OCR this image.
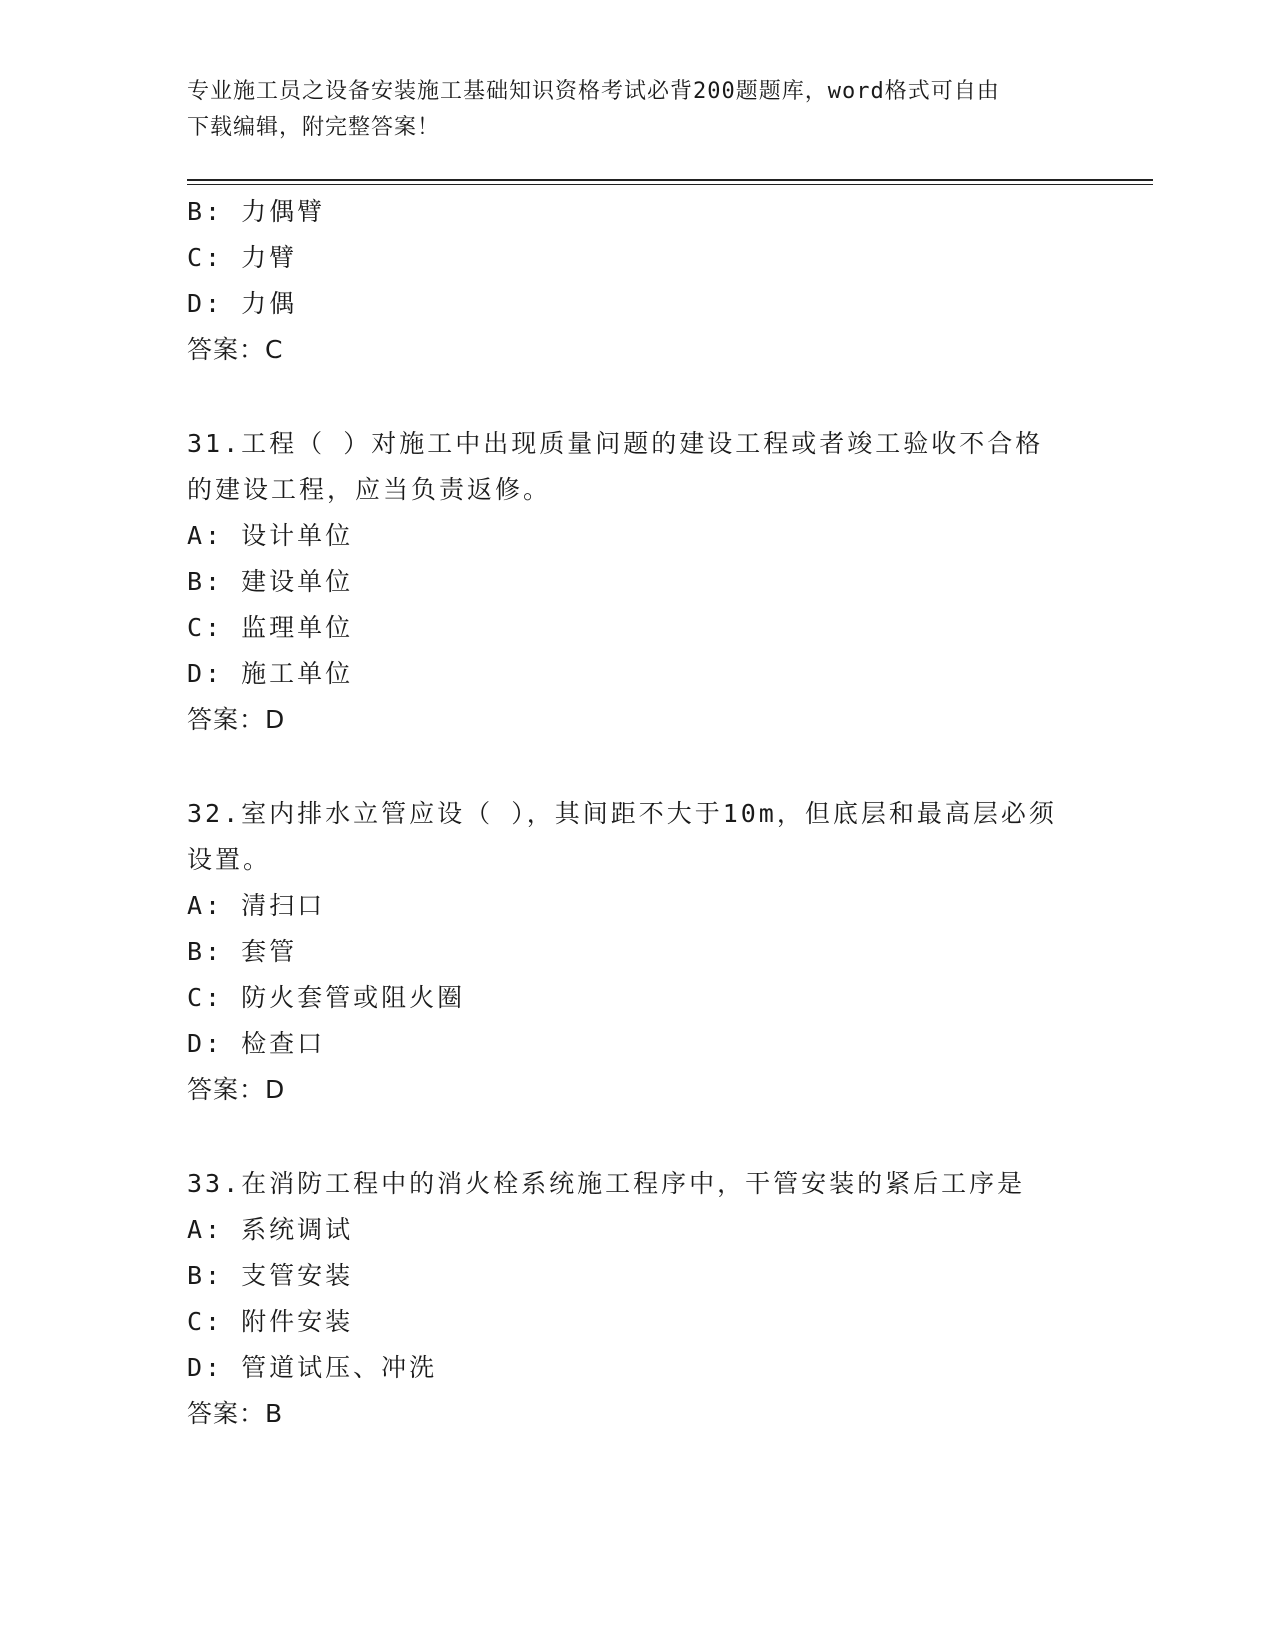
专业施工员之设备安装施工基础知识资格考试必背200题题库，word格式可自由
下载编辑，附完整答案！
B: 力偶臂
C: 力臂
D: 力偶
答案：C
31.工程（ ）对施工中出现质量问题的建设工程或者竣工验收不合格
的建设工程，应当负责返修。
A: 设计单位
B: 建设单位
C: 监理单位
D: 施工单位
答案：D
32.室内排水立管应设（ ），其间距不大于10m，但底层和最高层必须
设置。
A: 清扫口
B: 套管
C: 防火套管或阻火圈
D: 检查口
答案：D
33.在消防工程中的消火栓系统施工程序中，干管安装的紧后工序是
A: 系统调试
B: 支管安装
C: 附件安装
D: 管道试压、冲洗
答案：B
